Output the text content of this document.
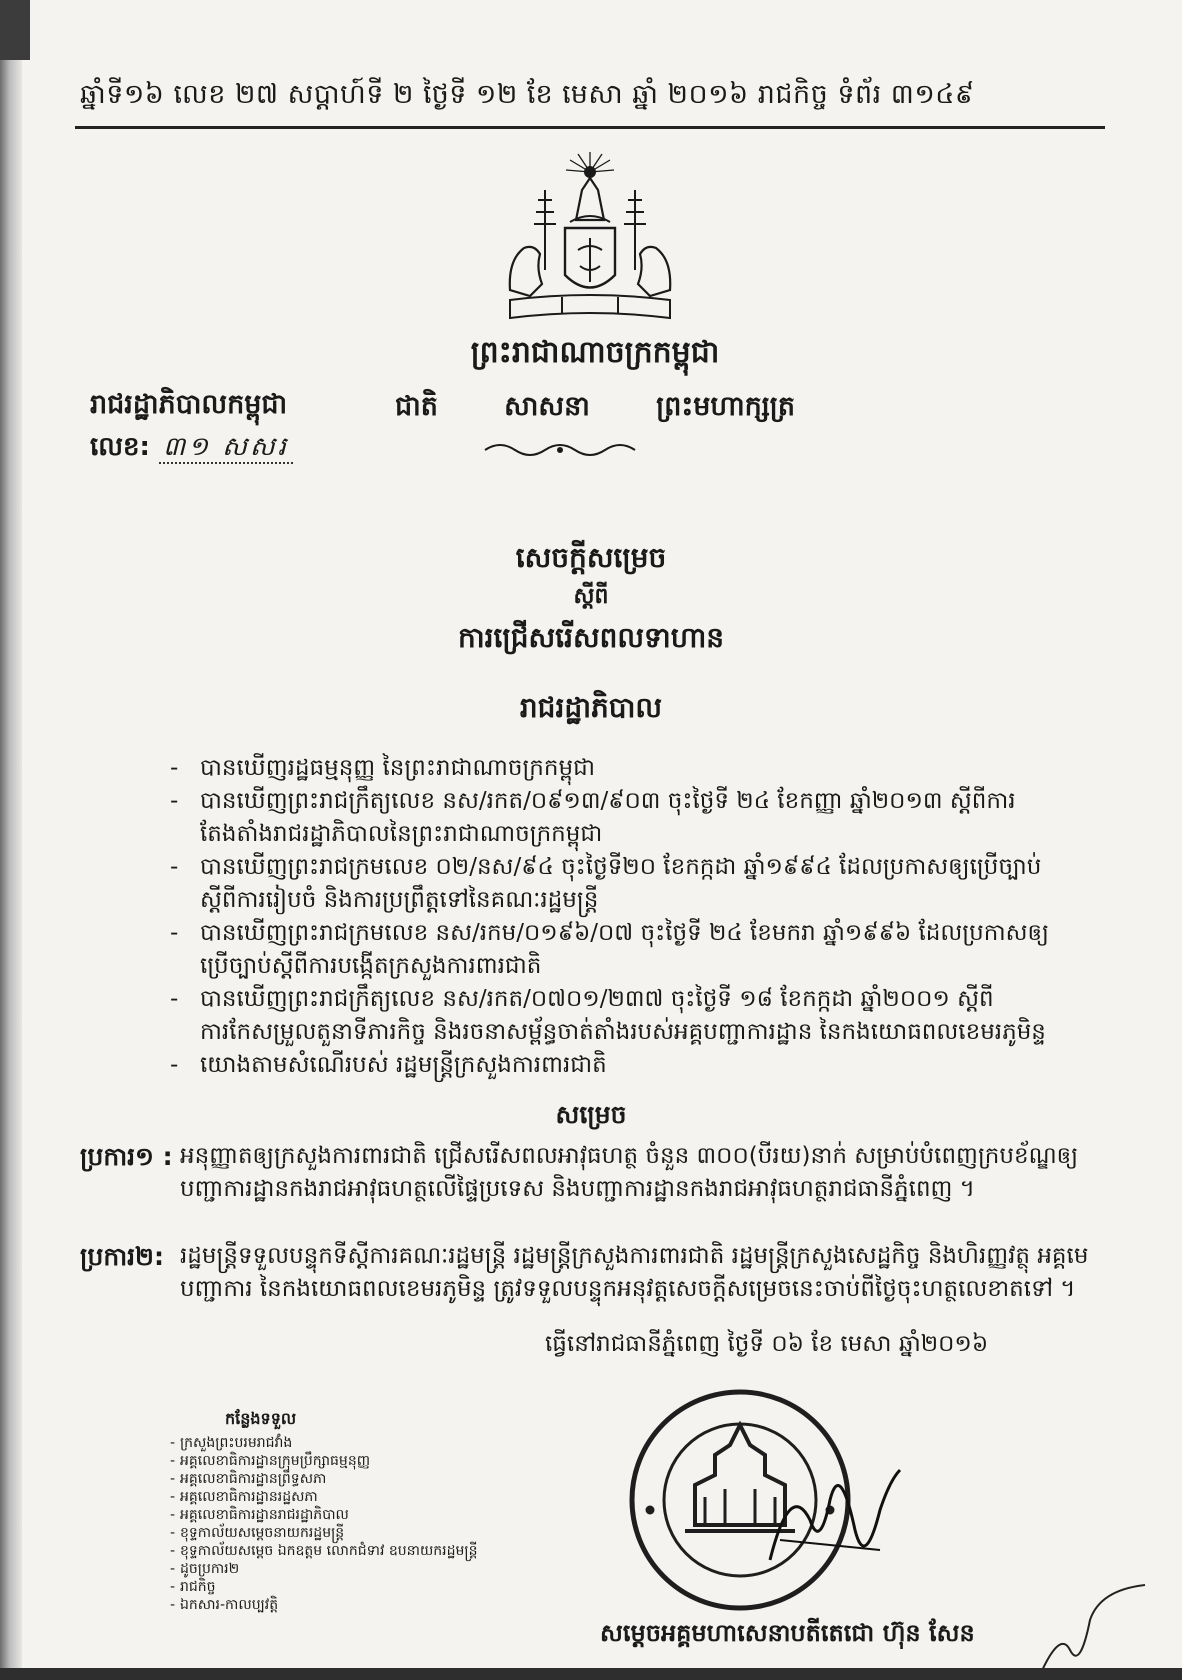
ឆ្នាំទី១៦ លេខ ២៧ សប្តាហ៍ទី ២ ថ្ងៃទី ១២ ខែ មេសា ឆ្នាំ ២០១៦ រាជកិច្ច ទំព័រ ៣១៤៩
ព្រះរាជាណាចក្រកម្ពុជា
ជាតិ សាសនា ព្រះមហាក្សត្រ
រាជរដ្ឋាភិបាលកម្ពុជា
លេខ: ៣១ សសរ
សេចក្តីសម្រេច
ស្តីពី
ការជ្រើសរើសពលទាហាន
រាជរដ្ឋាភិបាល
- បានឃើញរដ្ឋធម្មនុញ្ញ នៃព្រះរាជាណាចក្រកម្ពុជា
- បានឃើញព្រះរាជក្រឹត្យលេខ នស/រកត/០៩១៣/៩០៣ ចុះថ្ងៃទី ២៤ ខែកញ្ញា ឆ្នាំ២០១៣ ស្តីពីការតែងតាំងរាជរដ្ឋាភិបាលនៃព្រះរាជាណាចក្រកម្ពុជា
- បានឃើញព្រះរាជក្រមលេខ ០២/នស/៩៤ ចុះថ្ងៃទី២០ ខែកក្កដា ឆ្នាំ១៩៩៤ ដែលប្រកាសឲ្យប្រើច្បាប់ស្តីពីការរៀបចំ និងការប្រព្រឹត្តទៅនៃគណៈរដ្ឋមន្ត្រី
- បានឃើញព្រះរាជក្រមលេខ នស/រកម/០១៩៦/០៧ ចុះថ្ងៃទី ២៤ ខែមករា ឆ្នាំ១៩៩៦ ដែលប្រកាសឲ្យប្រើច្បាប់ស្តីពីការបង្កើតក្រសួងការពារជាតិ
- បានឃើញព្រះរាជក្រឹត្យលេខ នស/រកត/០៧០១/២៣៧ ចុះថ្ងៃទី ១៨ ខែកក្កដា ឆ្នាំ២០០១ ស្តីពីការកែសម្រួលតួនាទីភារកិច្ច និងរចនាសម្ព័ន្ធចាត់តាំងរបស់អគ្គបញ្ជាការដ្ឋាន នៃកងយោធពលខេមរភូមិន្ទ
- យោងតាមសំណើរបស់ រដ្ឋមន្ត្រីក្រសួងការពារជាតិ
សម្រេច
ប្រការ១ : អនុញ្ញាតឲ្យក្រសួងការពារជាតិ ជ្រើសរើសពលអាវុធហត្ថ ចំនួន ៣០០(បីរយ)នាក់ សម្រាប់បំពេញក្របខ័ណ្ឌឲ្យបញ្ជាការដ្ឋានកងរាជអាវុធហត្ថលើផ្ទៃប្រទេស និងបញ្ជាការដ្ឋានកងរាជអាវុធហត្ថរាជធានីភ្នំពេញ ។
ប្រការ២: រដ្ឋមន្ត្រីទទួលបន្ទុកទីស្តីការគណៈរដ្ឋមន្ត្រី រដ្ឋមន្ត្រីក្រសួងការពារជាតិ រដ្ឋមន្ត្រីក្រសួងសេដ្ឋកិច្ច និងហិរញ្ញវត្ថុ អគ្គមេបញ្ជាការ នៃកងយោធពលខេមរភូមិន្ទ ត្រូវទទួលបន្ទុកអនុវត្តសេចក្តីសម្រេចនេះចាប់ពីថ្ងៃចុះហត្ថលេខាតទៅ ។
ធ្វើនៅរាជធានីភ្នំពេញ ថ្ងៃទី ០៦ ខែ មេសា ឆ្នាំ២០១៦
សម្តេចអគ្គមហាសេនាបតីតេជោ ហ៊ុន សែន
កន្លែងទទួល
- ក្រសួងព្រះបរមរាជវាំង
- អគ្គលេខាធិការដ្ឋានក្រុមប្រឹក្សាធម្មនុញ្ញ
- អគ្គលេខាធិការដ្ឋានព្រឹទ្ធសភា
- អគ្គលេខាធិការដ្ឋានរដ្ឋសភា
- អគ្គលេខាធិការដ្ឋានរាជរដ្ឋាភិបាល
- ខុទ្ទកាល័យសម្តេចនាយករដ្ឋមន្ត្រី
- ខុទ្ទកាល័យសម្តេច ឯកឧត្តម លោកជំទាវ ឧបនាយករដ្ឋមន្ត្រី
- ដូចប្រការ២
- រាជកិច្ច
- ឯកសារ-កាលប្បវត្តិ
